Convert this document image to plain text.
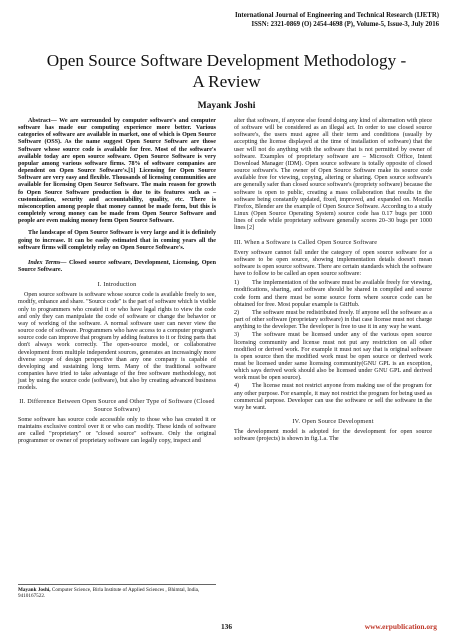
International Journal of Engineering and Technical Research (IJETR)
ISSN: 2321-0869 (O) 2454-4698 (P), Volume-5, Issue-3, July 2016
Open Source Software Development Methodology -
A Review
Mayank Joshi

Abstract— We are surrounded by computer software's and computer software has made our computing experience more better. Various categories of software are available in market, one of which is Open Source Software (OSS). As the name suggest Open Source Software are those Software whose source code is available for free. Most of the software's available today are open source software. Open Source Software is very popular among various software firms. 78% of software companies are dependent on Open Source Software's.[1] Licensing for Open Source Software are very easy and flexible. Thousands of licensing communities are available for licensing Open Source Software. The main reason for growth fo Open Source Software production is due to its features such as – customization, security and accountability, quality, etc. There is misconception among people that money cannot be made form, but this is completely wrong money can be made from Open Source Software and people are even making money form Open Source Software.

The landscape of Open Source Software is very large and it is definitely going to increase. It can be easily estimated that in coming years all the software firms will completely relay on Open Source Software's.

Index Terms— Closed source software, Development, Licensing, Open Source Software.

I. Introduction

Open source software is software whose source code is available freely to see, modify, enhance and share. "Source code" is the part of software which is visible only to programmers who created it or who have legal rights to view the code and only they can manipulate the code of software or change the behavior or way of working of the software. A normal software user can never view the source code of software. Programmers who have access to a computer program's source code can improve that program by adding features to it or fixing parts that don't always work correctly. The open-source model, or collaborative development from multiple independent sources, generates an increasingly more diverse scope of design perspective than any one company is capable of developing and sustaining long term. Many of the traditional software companies have tried to take advantage of the free software methodology, not just by using the source code (software), but also by creating advanced business models.

II. Difference Between Open Source and Other Type of Software (Closed Source Software)

Some software has source code accessible only to those who has created it or maintains exclusive control over it or who can modify. These kinds of software are called "proprietary" or "closed source" software. Only the original programmer or owner of proprietary software can legally copy, inspect and

alter that software, if anyone else found doing any kind of alternation with piece of software will be considered as an illegal act. In order to use closed source software's, the users must agree all their term and conditions (usually by accepting the license displayed at the time of installation of software) that the user will not do anything with the software that is not permitted by owner of software. Examples of proprietary software are – Microsoft Office, Intent Download Manager (IDM). Open source software is totally opposite of closed source software's. The owner of Open Source Software make its source code available free for viewing, copying, altering or sharing. Open source software's are generally safer than closed source software's (propriety software) because the software is open to public, creating a mass collaboration that results in the software being constantly updated, fixed, improved, and expanded on. Mozilla Firefox, Blender are the example of Open Source Software. According to a study Linux (Open Source Operating System) source code has 0.17 bugs per 1000 lines of code while proprietary software generally scores 20–30 bugs per 1000 lines [2]

III. When a Software is Called Open Source Software

Every software cannot fall under the category of open source software for a software to be open source, showing implementation details doesn't mean software is open source software. There are certain standards which the software have to follow to be called an open source software:

1) The implementation of the software must be available freely for viewing, modifications, sharing, and software should be shared in compiled and source code form and there must be some source form where source code can be obtained for free. Most popular example is GitHub.
2) The software must be redistributed freely. If anyone sell the software as a part of other software (proprietary software) in that case license must not charge anything to the developer. The developer is free to use it in any way he want.
3) The software must be licensed under any of the various open source licensing community and license must not put any restriction on all other modified or derived work. For example it must not say that is original software is open source then the modified work must be open source or derived work must be licensed under same licensing community(GNU GPL is an exception, which says derived work should also be licensed under GNU GPL and derived work must be open source).
4) The license must not restrict anyone from making use of the program for any other purpose. For example, it may not restrict the program for being used as commercial purpose. Developer can use the software or sell the software in the way he want.
IV. Open Source Development

The development model is adopted for the development for open source software (projects) is shown in fig.1.a. The

Mayank Joshi, Computer Science, Birla Institute of Applied Sciences , Bhimtal, India, 9410167522.
136	www.erpublication.org
